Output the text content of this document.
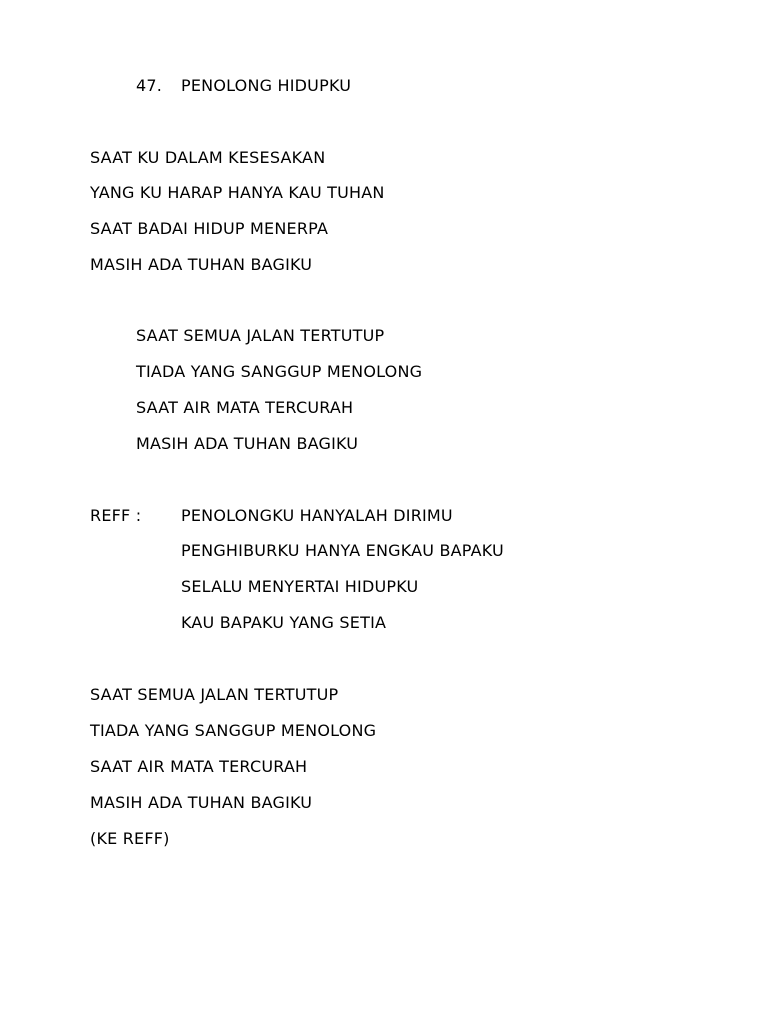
47. PENOLONG HIDUPKU
SAAT KU DALAM KESESAKAN
YANG KU HARAP HANYA KAU TUHAN
SAAT BADAI HIDUP MENERPA
MASIH ADA TUHAN BAGIKU
SAAT SEMUA JALAN TERTUTUP
TIADA YANG SANGGUP MENOLONG
SAAT AIR MATA TERCURAH
MASIH ADA TUHAN BAGIKU
REFF : PENOLONGKU HANYALAH DIRIMU
PENGHIBURKU HANYA ENGKAU BAPAKU
SELALU MENYERTAI HIDUPKU
KAU BAPAKU YANG SETIA
SAAT SEMUA JALAN TERTUTUP
TIADA YANG SANGGUP MENOLONG
SAAT AIR MATA TERCURAH
MASIH ADA TUHAN BAGIKU
(KE REFF)
